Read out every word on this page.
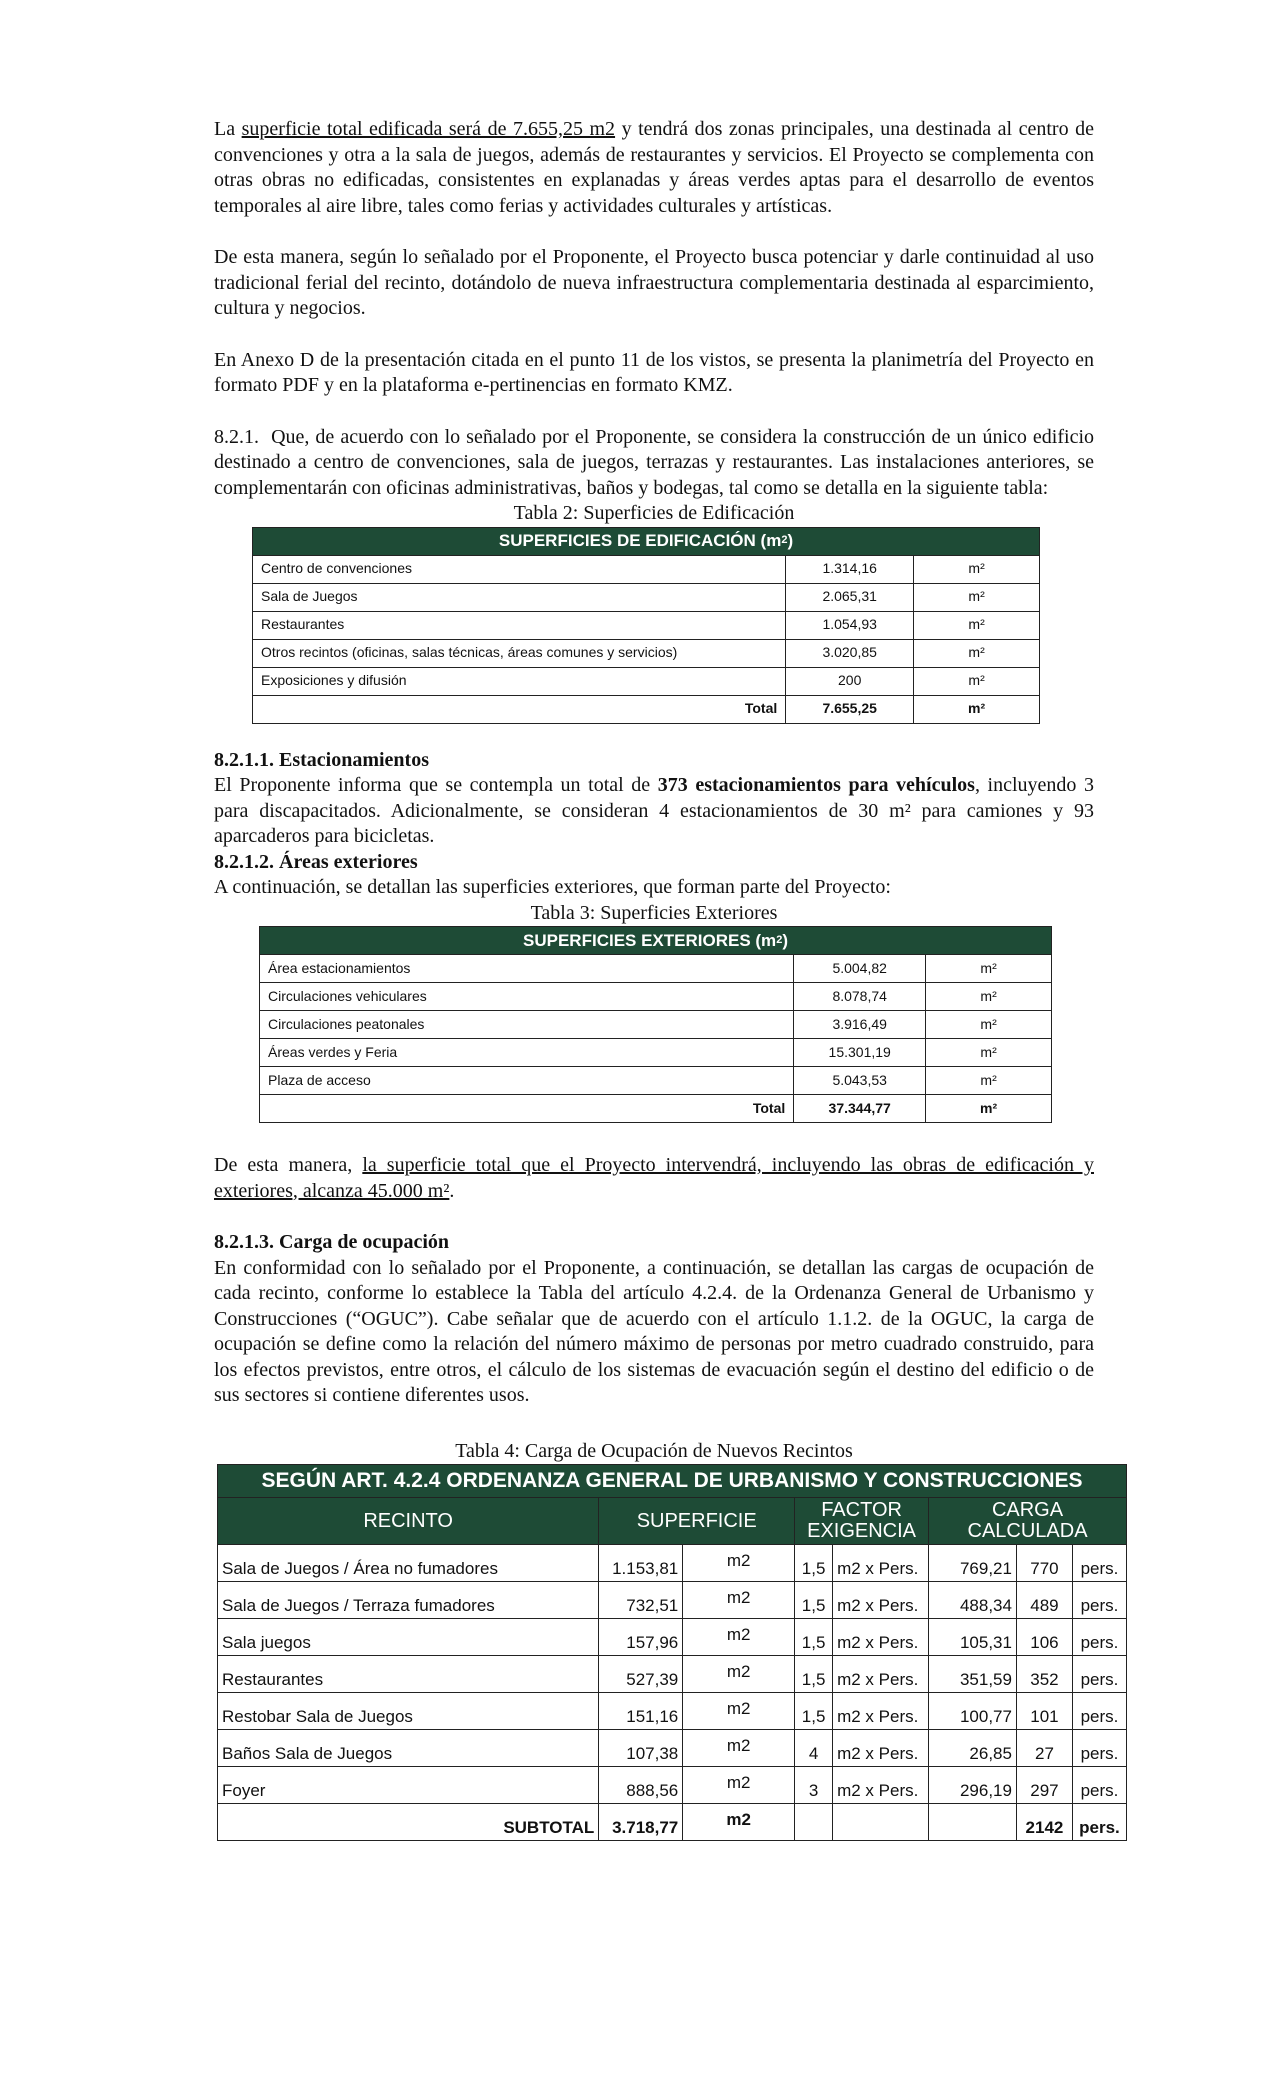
La superficie total edificada será de 7.655,25 m2 y tendrá dos zonas principales, una destinada al centro de convenciones y otra a la sala de juegos, además de restaurantes y servicios. El Proyecto se complementa con otras obras no edificadas, consistentes en explanadas y áreas verdes aptas para el desarrollo de eventos temporales al aire libre, tales como ferias y actividades culturales y artísticas.

De esta manera, según lo señalado por el Proponente, el Proyecto busca potenciar y darle continuidad al uso tradicional ferial del recinto, dotándolo de nueva infraestructura complementaria destinada al esparcimiento, cultura y negocios.

En Anexo D de la presentación citada en el punto 11 de los vistos, se presenta la planimetría del Proyecto en formato PDF y en la plataforma e-pertinencias en formato KMZ.

8.2.1. Que, de acuerdo con lo señalado por el Proponente, se considera la construcción de un único edificio destinado a centro de convenciones, sala de juegos, terrazas y restaurantes. Las instalaciones anteriores, se complementarán con oficinas administrativas, baños y bodegas, tal como se detalla en la siguiente tabla:

Tabla 2: Superficies de Edificación

SUPERFICIES DE EDIFICACIÓN $(m^2)$		
Centro de convenciones	1.314,16	m²
Sala de Juegos	2.065,31	m²
Restaurantes	1.054,93	m²
Otros recintos (oficinas, salas técnicas, áreas comunes y servicios)	3.020,85	m²
Exposiciones y difusión	200	m²
Total	7.655,25	m²

8.2.1.1. Estacionamientos

El Proponente informa que se contempla un total de 373 estacionamientos para vehículos, incluyendo 3 para discapacitados. Adicionalmente, se consideran 4 estacionamientos de 30 m² para camiones y 93 aparcaderos para bicicletas.

8.2.1.2. Áreas exteriores

A continuación, se detallan las superficies exteriores, que forman parte del Proyecto:

Tabla 3: Superficies Exteriores

SUPERFICIES EXTERIORES $(m^2)$		
Área estacionamientos	5.004,82	m²
Circulaciones vehiculares	8.078,74	m²
Circulaciones peatonales	3.916,49	m²
Áreas verdes y Feria	15.301,19	m²
Plaza de acceso	5.043,53	m²
Total	37.344,77	m²

De esta manera, la superficie total que el Proyecto intervendrá, incluyendo las obras de edificación y exteriores, alcanza 45.000 m².

8.2.1.3. Carga de ocupación

En conformidad con lo señalado por el Proponente, a continuación, se detallan las cargas de ocupación de cada recinto, conforme lo establece la Tabla del artículo 4.2.4. de la Ordenanza General de Urbanismo y Construcciones (“OGUC”). Cabe señalar que de acuerdo con el artículo 1.1.2. de la OGUC, la carga de ocupación se define como la relación del número máximo de personas por metro cuadrado construido, para los efectos previstos, entre otros, el cálculo de los sistemas de evacuación según el destino del edificio o de sus sectores si contiene diferentes usos.

Tabla 4: Carga de Ocupación de Nuevos Recintos

SEGÚN ART. 4.2.4 ORDENANZA GENERAL DE URBANISMO Y CONSTRUCCIONES							
RECINTO	SUPERFICIE		FACTOR EXIGENCIA		CARGA CALCULADA		
Sala de Juegos / Área no fumadores	1.153,81	m2	1,5	m2 x Pers.	769,21	770	pers.
Sala de Juegos / Terraza fumadores	732,51	m2	1,5	m2 x Pers.	488,34	489	pers.
Sala juegos	157,96	m2	1,5	m2 x Pers.	105,31	106	pers.
Restaurantes	527,39	m2	1,5	m2 x Pers.	351,59	352	pers.
Restobar Sala de Juegos	151,16	m2	1,5	m2 x Pers.	100,77	101	pers.
Baños Sala de Juegos	107,38	m2	4	m2 x Pers.	26,85	27	pers.
Foyer	888,56	m2	3	m2 x Pers.	296,19	297	pers.
SUBTOTAL	3.718,77	m2				2142	pers.
